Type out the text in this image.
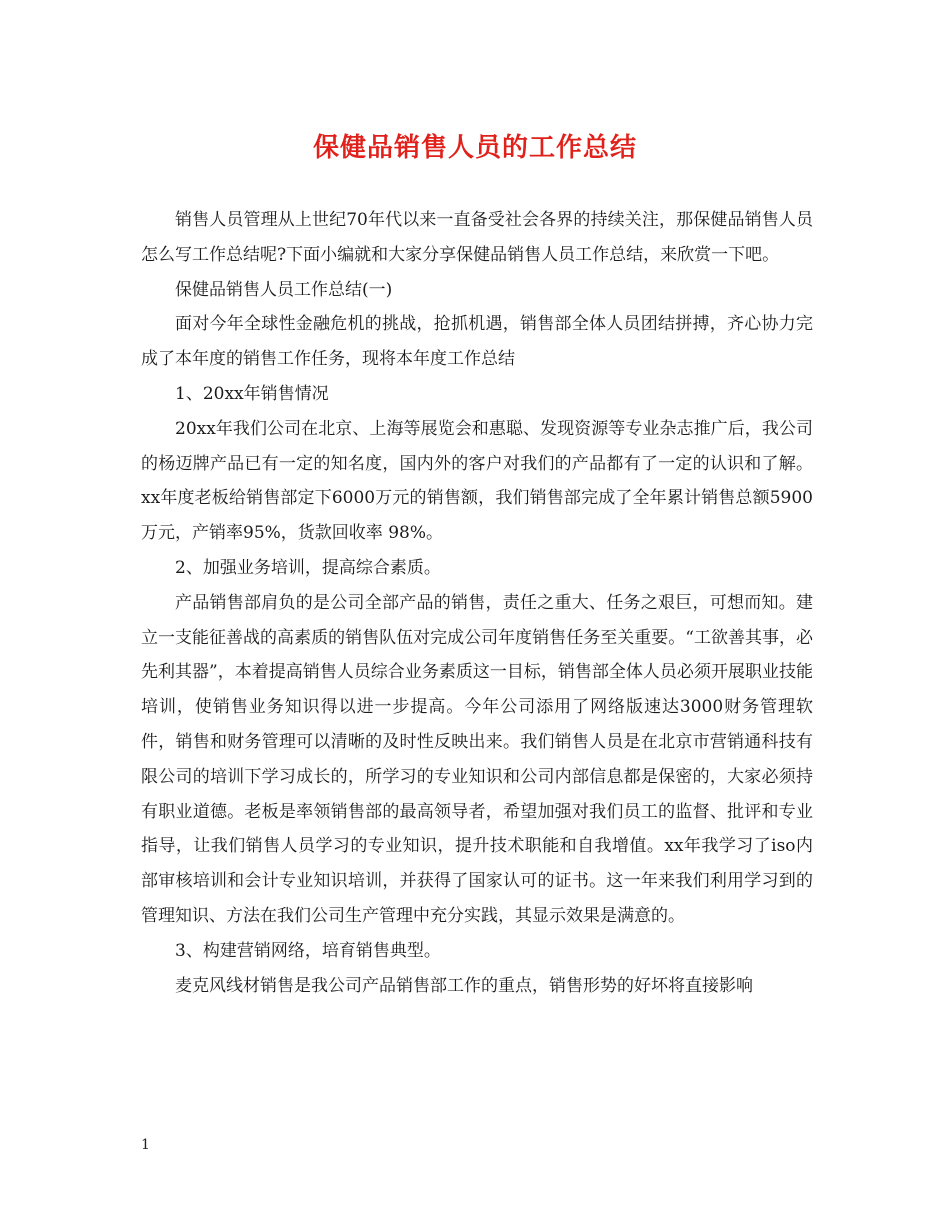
保健品销售人员的工作总结

销售人员管理从上世纪70年代以来一直备受社会各界的持续关注，那保健品销售人员怎么写工作总结呢?下面小编就和大家分享保健品销售人员工作总结，来欣赏一下吧。

保健品销售人员工作总结(一)

面对今年全球性金融危机的挑战，抢抓机遇，销售部全体人员团结拼搏，齐心协力完成了本年度的销售工作任务，现将本年度工作总结

1、20xx年销售情况

20xx年我们公司在北京、上海等展览会和惠聪、发现资源等专业杂志推广后，我公司的杨迈牌产品已有一定的知名度，国内外的客户对我们的产品都有了一定的认识和了解。xx年度老板给销售部定下6000万元的销售额，我们销售部完成了全年累计销售总额5900万元，产销率95%，货款回收率 98%。

2、加强业务培训，提高综合素质。

产品销售部肩负的是公司全部产品的销售，责任之重大、任务之艰巨，可想而知。建立一支能征善战的高素质的销售队伍对完成公司年度销售任务至关重要。“工欲善其事，必先利其器”，本着提高销售人员综合业务素质这一目标，销售部全体人员必须开展职业技能培训，使销售业务知识得以进一步提高。今年公司添用了网络版速达3000财务管理软件，销售和财务管理可以清晰的及时性反映出来。我们销售人员是在北京市营销通科技有限公司的培训下学习成长的，所学习的专业知识和公司内部信息都是保密的，大家必须持有职业道德。老板是率领销售部的最高领导者，希望加强对我们员工的监督、批评和专业指导，让我们销售人员学习的专业知识，提升技术职能和自我增值。xx年我学习了iso内部审核培训和会计专业知识培训，并获得了国家认可的证书。这一年来我们利用学习到的管理知识、方法在我们公司生产管理中充分实践，其显示效果是满意的。

3、构建营销网络，培育销售典型。

麦克风线材销售是我公司产品销售部工作的重点，销售形势的好坏将直接影响

1
